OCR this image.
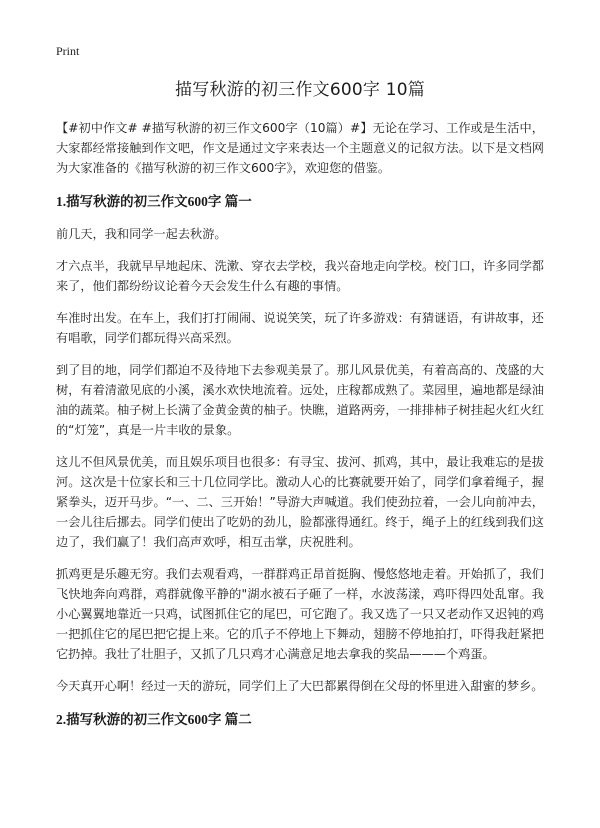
Print
描写秋游的初三作文600字 10篇

【#初中作文# #描写秋游的初三作文600字（10篇）#】无论在学习、工作或是生活中，大家都经常接触到作文吧，作文是通过文字来表达一个主题意义的记叙方法。以下是文档网为大家准备的《描写秋游的初三作文600字》，欢迎您的借鉴。

1.描写秋游的初三作文600字 篇一

前几天，我和同学一起去秋游。

才六点半，我就早早地起床、洗漱、穿衣去学校，我兴奋地走向学校。校门口，许多同学都来了，他们都纷纷议论着今天会发生什么有趣的事情。

车准时出发。在车上，我们打打闹闹、说说笑笑，玩了许多游戏：有猜谜语，有讲故事，还有唱歌，同学们都玩得兴高采烈。

到了目的地，同学们都迫不及待地下去参观美景了。那儿风景优美，有着高高的、茂盛的大树，有着清澈见底的小溪，溪水欢快地流着。远处，庄稼都成熟了。菜园里，遍地都是绿油油的蔬菜。柚子树上长满了金黄金黄的柚子。快瞧，道路两旁，一排排柿子树挂起火红火红的“灯笼”，真是一片丰收的景象。

这儿不但风景优美，而且娱乐项目也很多：有寻宝、拔河、抓鸡，其中，最让我难忘的是拔河。这次是十位家长和三十几位同学比。激动人心的比赛就要开始了，同学们拿着绳子，握紧拳头，迈开马步。“一、二、三开始！”导游大声喊道。我们使劲拉着，一会儿向前冲去，一会儿往后挪去。同学们使出了吃奶的劲儿，脸都涨得通红。终于，绳子上的红线到我们这边了，我们赢了！我们高声欢呼，相互击掌，庆祝胜利。

抓鸡更是乐趣无穷。我们去观看鸡，一群群鸡正昂首挺胸、慢悠悠地走着。开始抓了，我们飞快地奔向鸡群，鸡群就像平静的"湖水被石子砸了一样，水波荡漾，鸡吓得四处乱窜。我小心翼翼地靠近一只鸡，试图抓住它的尾巴，可它跑了。我又选了一只又老动作又迟钝的鸡一把抓住它的尾巴把它提上来。它的爪子不停地上下舞动，翅膀不停地拍打，吓得我赶紧把它扔掉。我壮了壮胆子，又抓了几只鸡才心满意足地去拿我的奖品———个鸡蛋。

今天真开心啊！经过一天的游玩，同学们上了大巴都累得倒在父母的怀里进入甜蜜的梦乡。

2.描写秋游的初三作文600字 篇二
